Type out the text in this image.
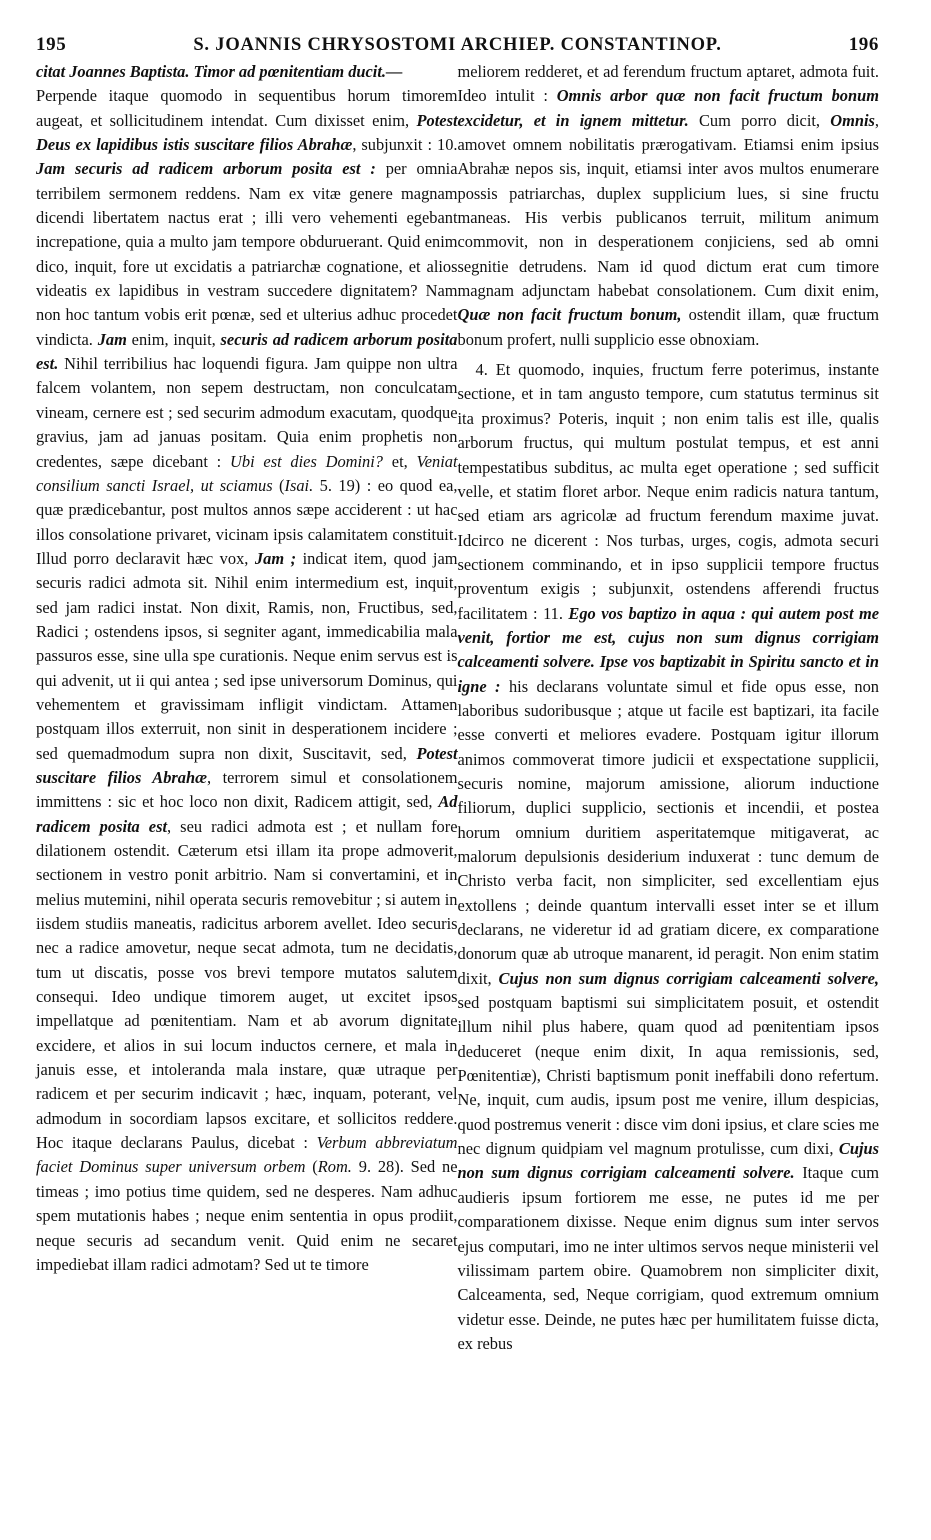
195	S. JOANNIS CHRYSOSTOMI ARCHIEP. CONSTANTINOP.	196

citat Joannes Baptista. Timor ad pœnitentiam ducit.—
Perpende itaque quomodo in sequentibus horum timorem augeat, et sollicitudinem intendat. Cum dixisset enim, Potest Deus ex lapidibus istis suscitare filios Abrahæ, subjunxit : 10. Jam securis ad radicem arborum posita est : per omnia terribilem sermonem reddens. Nam ex vitæ genere magnam dicendi libertatem nactus erat ; illi vero vehementi egebant increpatione, quia a multo jam tempore obduruerant. Quid enim dico, inquit, fore ut excidatis a patriarchæ cognatione, et alios videatis ex lapidibus in vestram succedere dignitatem? Nam non hoc tantum vobis erit pœnæ, sed et ulterius adhuc procedet vindicta. Jam enim, inquit, securis ad radicem arborum posita est. Nihil terribilius hac loquendi figura. Jam quippe non ultra falcem volantem, non sepem destructam, non conculcatam vineam, cernere est ; sed securim admodum exacutam, quodque gravius, jam ad januas positam. Quia enim prophetis non credentes, sæpe dicebant : Ubi est dies Domini? et, Veniat consilium sancti Israel, ut sciamus (Isai. 5. 19) : eo quod ea, quæ prædicebantur, post multos annos sæpe acciderent : ut hac illos consolatione privaret, vicinam ipsis calamitatem constituit. Illud porro declaravit hæc vox, Jam ; indicat item, quod jam securis radici admota sit. Nihil enim intermedium est, inquit, sed jam radici instat. Non dixit, Ramis, non, Fructibus, sed, Radici ; ostendens ipsos, si segniter agant, immedicabilia mala passuros esse, sine ulla spe curationis. Neque enim servus est is qui advenit, ut ii qui antea ; sed ipse universorum Dominus, qui vehementem et gravissimam infligit vindictam. Attamen postquam illos exterruit, non sinit in desperationem incidere ; sed quemadmodum supra non dixit, Suscitavit, sed, Potest suscitare filios Abrahæ, terrorem simul et consolationem immittens : sic et hoc loco non dixit, Radicem attigit, sed, Ad radicem posita est, seu radici admota est ; et nullam fore dilationem ostendit. Cæterum etsi illam ita prope admoverit, sectionem in vestro ponit arbitrio. Nam si convertamini, et in melius mutemini, nihil operata securis removebitur ; si autem in iisdem studiis maneatis, radicitus arborem avellet. Ideo securis nec a radice amovetur, neque secat admota, tum ne decidatis, tum ut discatis, posse vos brevi tempore mutatos salutem consequi. Ideo undique timorem auget, ut excitet ipsos impellatque ad pœnitentiam. Nam et ab avorum dignitate excidere, et alios in sui locum inductos cernere, et mala in januis esse, et intoleranda mala instare, quæ utraque per radicem et per securim indicavit ; hæc, inquam, poterant, vel admodum in socordiam lapsos excitare, et sollicitos reddere. Hoc itaque declarans Paulus, dicebat : Verbum abbreviatum faciet Dominus super universum orbem (Rom. 9. 28). Sed ne timeas ; imo potius time quidem, sed ne desperes. Nam adhuc spem mutationis habes ; neque enim sententia in opus prodiit, neque securis ad secandum venit. Quid enim ne secaret impediebat illam radici admotam? Sed ut te timore

meliorem redderet, et ad ferendum fructum aptaret, admota fuit. Ideo intulit : Omnis arbor quæ non facit fructum bonum excidetur, et in ignem mittetur. Cum porro dicit, Omnis, amovet omnem nobilitatis prærogativam. Etiamsi enim ipsius Abrahæ nepos sis, inquit, etiamsi inter avos multos enumerare possis patriarchas, duplex supplicium lues, si sine fructu maneas. His verbis publicanos terruit, militum animum commovit, non in desperationem conjiciens, sed ab omni segnitie detrudens. Nam id quod dictum erat cum timore magnam adjunctam habebat consolationem. Cum dixit enim, Quæ non facit fructum bonum, ostendit illam, quæ fructum bonum profert, nulli supplicio esse obnoxiam.

4. Et quomodo, inquies, fructum ferre poterimus, instante sectione, et in tam angusto tempore, cum statutus terminus sit ita proximus? Poteris, inquit ; non enim talis est ille, qualis arborum fructus, qui multum postulat tempus, et est anni tempestatibus subditus, ac multa eget operatione ; sed sufficit velle, et statim floret arbor. Neque enim radicis natura tantum, sed etiam ars agricolæ ad fructum ferendum maxime juvat. Idcirco ne dicerent : Nos turbas, urges, cogis, admota securi sectionem comminando, et in ipso supplicii tempore fructus proventum exigis ; subjunxit, ostendens afferendi fructus facilitatem : 11. Ego vos baptizo in aqua : qui autem post me venit, fortior me est, cujus non sum dignus corrigiam calceamenti solvere. Ipse vos baptizabit in Spiritu sancto et in igne : his declarans voluntate simul et fide opus esse, non laboribus sudoribusque ; atque ut facile est baptizari, ita facile esse converti et meliores evadere. Postquam igitur illorum animos commoverat timore judicii et exspectatione supplicii, securis nomine, majorum amissione, aliorum inductione filiorum, duplici supplicio, sectionis et incendii, et postea horum omnium duritiem asperitatemque mitigaverat, ac malorum depulsionis desiderium induxerat : tunc demum de Christo verba facit, non simpliciter, sed excellentiam ejus extollens ; deinde quantum intervalli esset inter se et illum declarans, ne videretur id ad gratiam dicere, ex comparatione donorum quæ ab utroque manarent, id peragit. Non enim statim dixit, Cujus non sum dignus corrigiam calceamenti solvere, sed postquam baptismi sui simplicitatem posuit, et ostendit illum nihil plus habere, quam quod ad pœnitentiam ipsos deduceret (neque enim dixit, In aqua remissionis, sed, Pœnitentiæ), Christi baptismum ponit ineffabili dono refertum. Ne, inquit, cum audis, ipsum post me venire, illum despicias, quod postremus venerit : disce vim doni ipsius, et clare scies me nec dignum quidpiam vel magnum protulisse, cum dixi, Cujus non sum dignus corrigiam calceamenti solvere. Itaque cum audieris ipsum fortiorem me esse, ne putes id me per comparationem dixisse. Neque enim dignus sum inter servos ejus computari, imo ne inter ultimos servos neque ministerii vel vilissimam partem obire. Quamobrem non simpliciter dixit, Calceamenta, sed, Neque corrigiam, quod extremum omnium videtur esse. Deinde, ne putes hæc per humilitatem fuisse dicta, ex rebus
